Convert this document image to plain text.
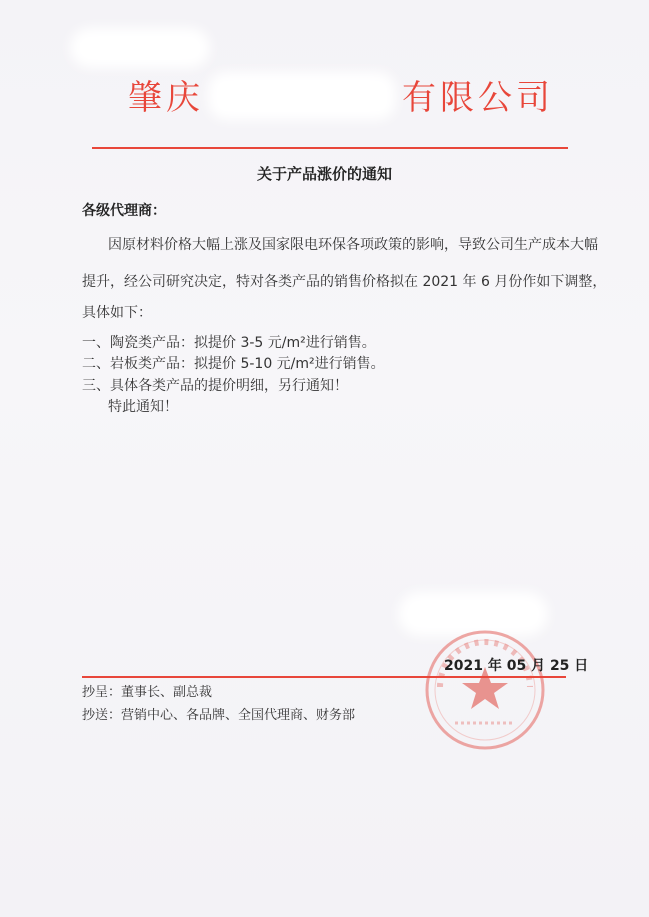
肇庆	有限公司
关于产品涨价的通知
各级代理商：
因原材料价格大幅上涨及国家限电环保各项政策的影响，导致公司生产成本大幅
提升，经公司研究决定，特对各类产品的销售价格拟在 2021 年 6 月份作如下调整，
具体如下：
一、陶瓷类产品：拟提价 3-5 元/m²进行销售。
二、岩板类产品：拟提价 5-10 元/m²进行销售。
三、具体各类产品的提价明细，另行通知！
特此通知！
2021 年 05 月 25 日
抄呈：董事长、副总裁
抄送：营销中心、各品牌、全国代理商、财务部
